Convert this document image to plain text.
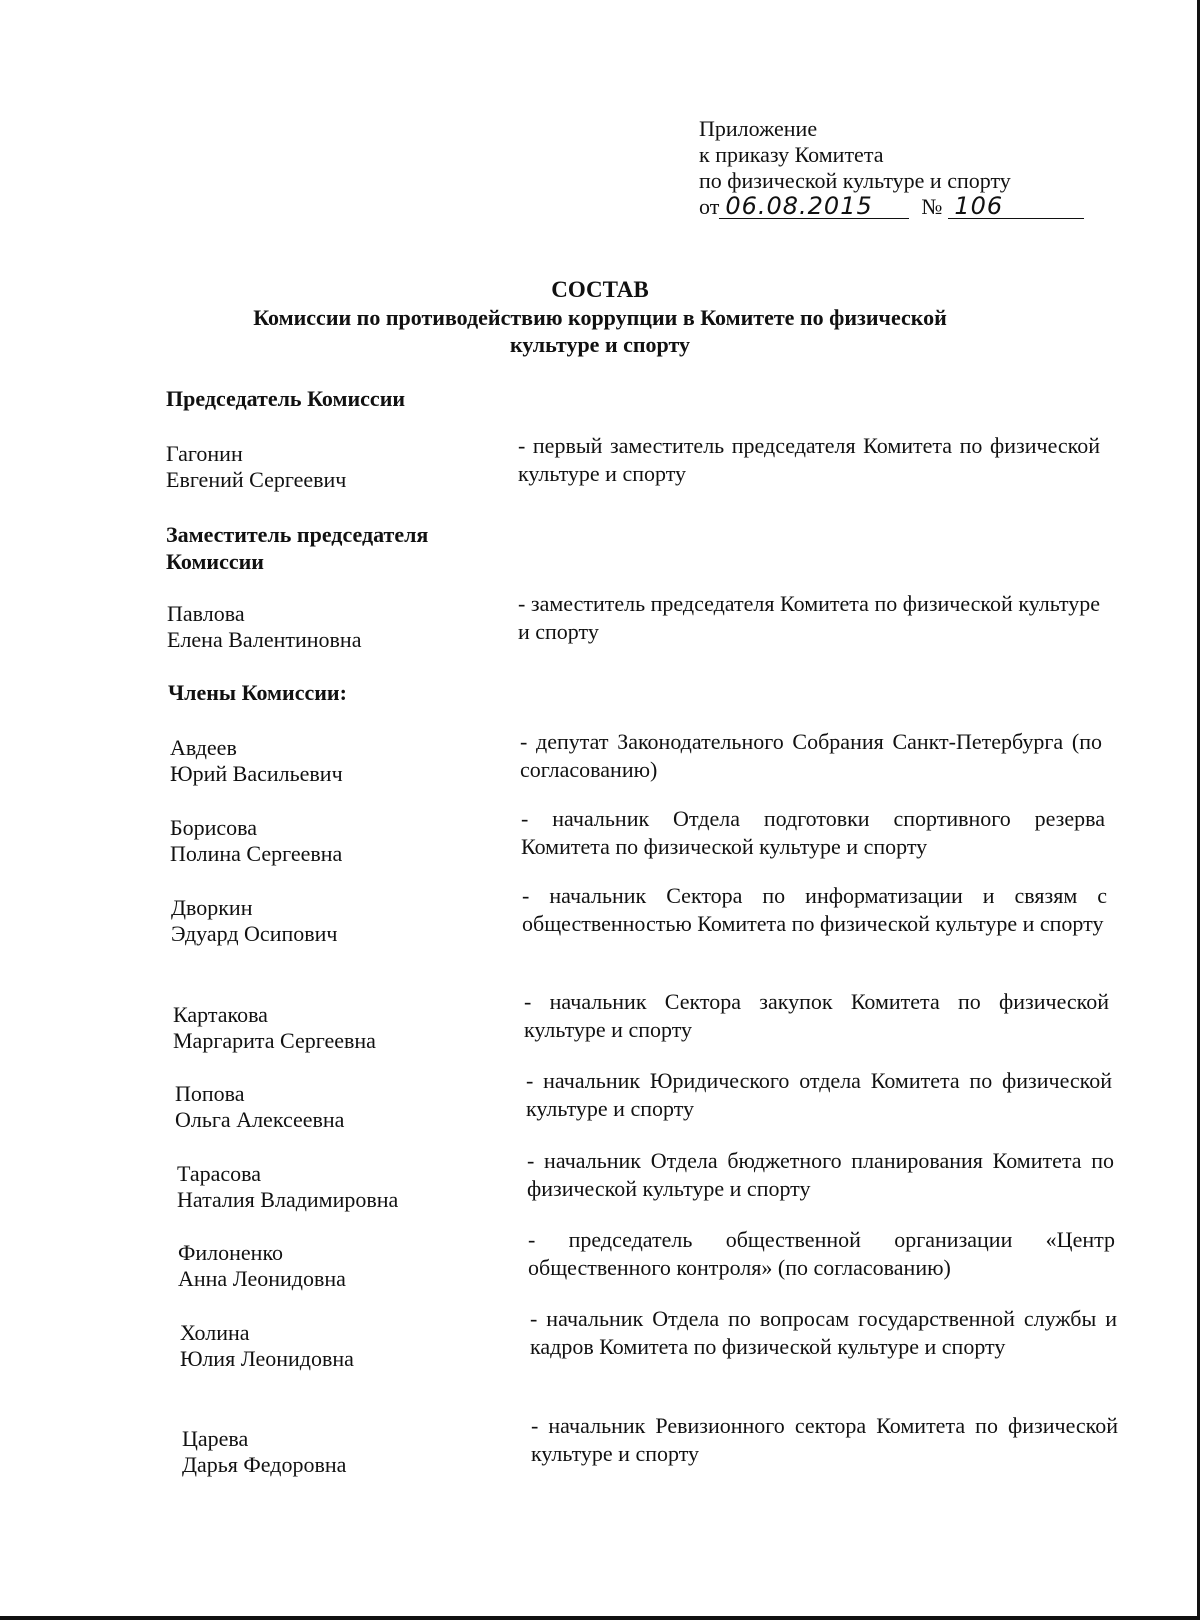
Приложение
к приказу Комитета
по физической культуре и спорту
от 06.08.2015 № 106
СОСТАВ
Комиссии по противодействию коррупции в Комитете по физической
культуре и спорту
Председатель Комиссии
Гагонин
Евгений Сергеевич
- первый заместитель председателя Комитета по физической культуре и спорту
Заместитель председателя Комиссии
Павлова
Елена Валентиновна
- заместитель председателя Комитета по физической культуре и спорту
Члены Комиссии:
Авдеев
Юрий Васильевич
- депутат Законодательного Собрания Санкт-Петербурга (по согласованию)
Борисова
Полина Сергеевна
- начальник Отдела подготовки спортивного резерва Комитета по физической культуре и спорту
Дворкин
Эдуард Осипович
- начальник Сектора по информатизации и связям с общественностью Комитета по физической культуре и спорту
Картакова
Маргарита Сергеевна
- начальник Сектора закупок Комитета по физической культуре и спорту
Попова
Ольга Алексеевна
- начальник Юридического отдела Комитета по физической культуре и спорту
Тарасова
Наталия Владимировна
- начальник Отдела бюджетного планирования Комитета по физической культуре и спорту
Филоненко
Анна Леонидовна
- председатель общественной организации «Центр общественного контроля» (по согласованию)
Холина
Юлия Леонидовна
- начальник Отдела по вопросам государственной службы и кадров Комитета по физической культуре и спорту
Царева
Дарья Федоровна
- начальник Ревизионного сектора Комитета по физической культуре и спорту
